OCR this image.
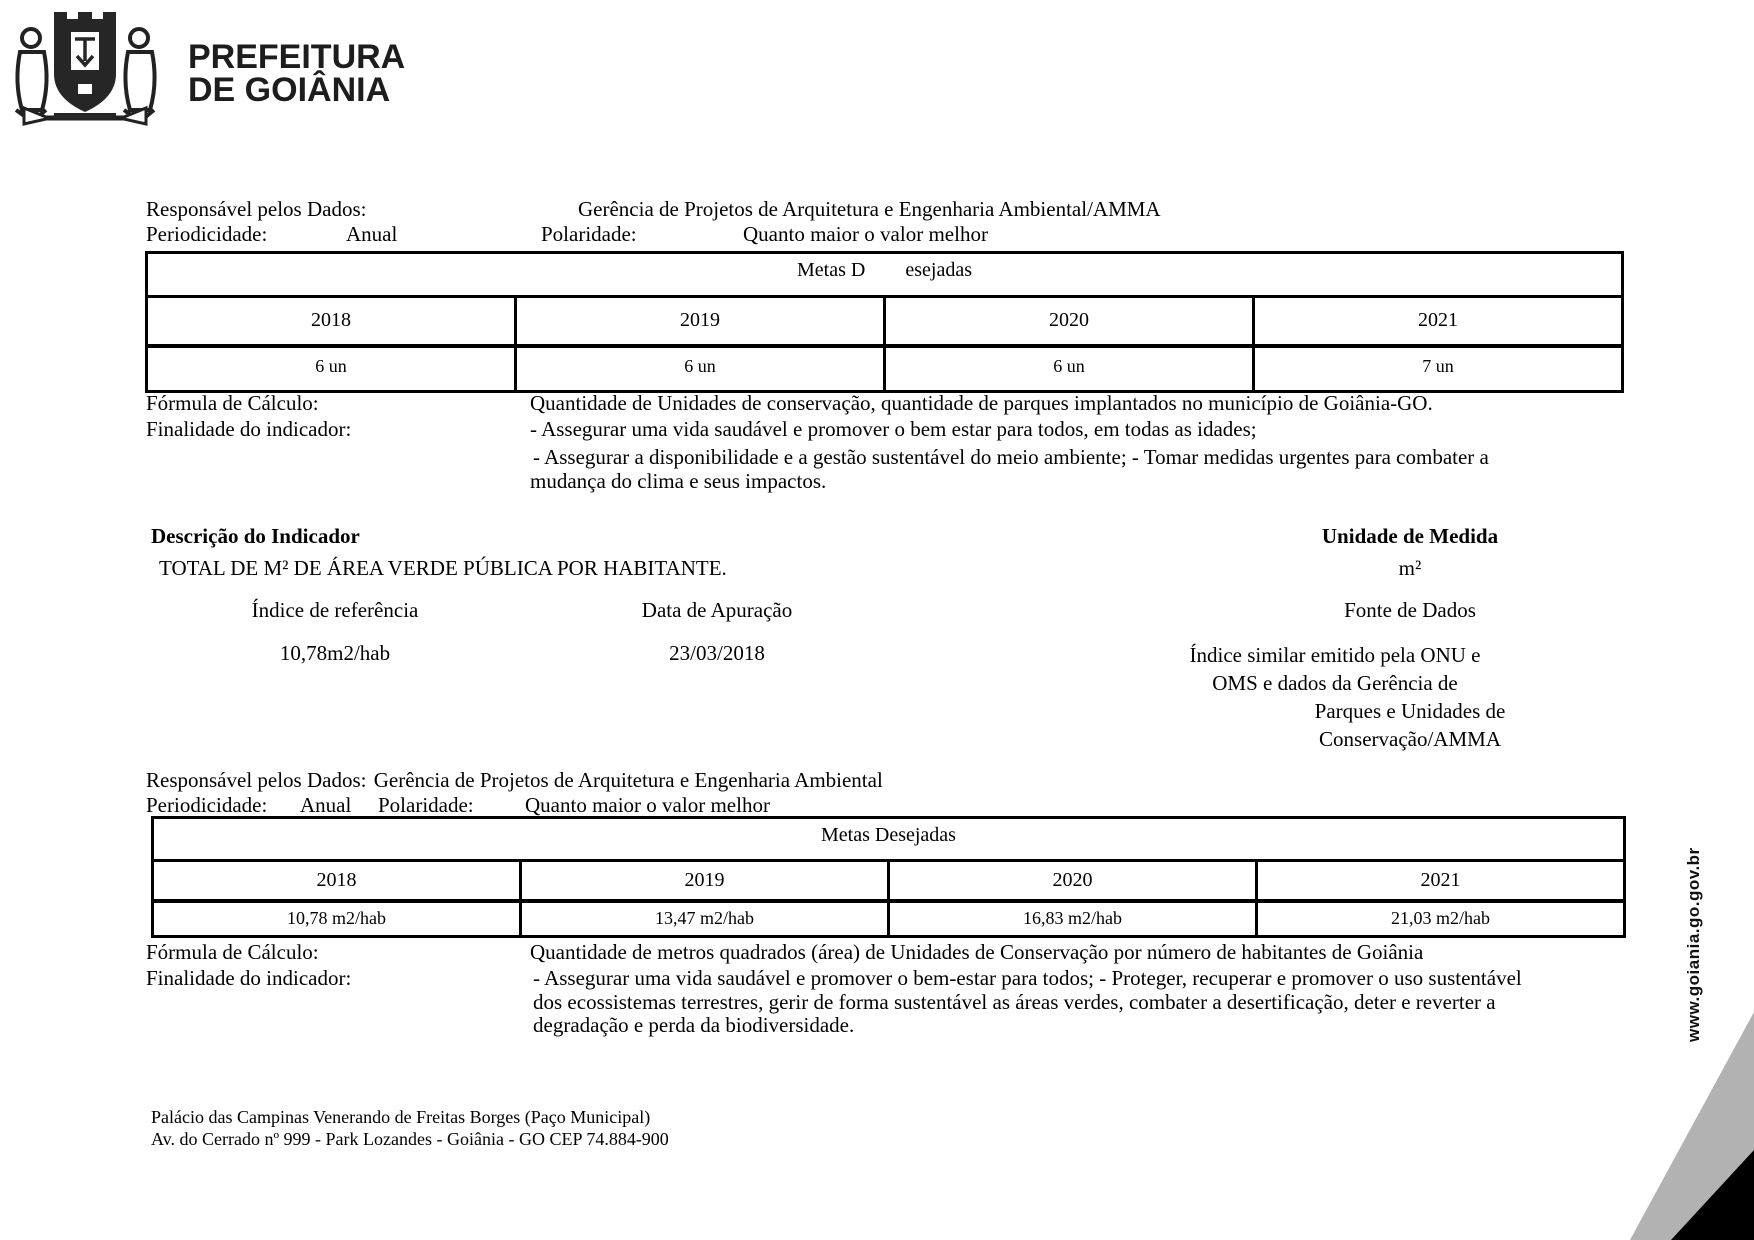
PREFEITURA
DE GOIÂNIA
Responsável pelos Dados:	Gerência de Projetos de Arquitetura e Engenharia Ambiental/AMMA
Periodicidade:	Anual	Polaridade:	Quanto maior o valor melhor
Metas D esejadas			
2018	2019	2020	2021
6 un	6 un	6 un	7 un
Fórmula de Cálculo:	Quantidade de Unidades de conservação, quantidade de parques implantados no município de Goiânia-GO.
Finalidade do indicador:	- Assegurar uma vida saudável e promover o bem estar para todos, em todas as idades;
- Assegurar a disponibilidade e a gestão sustentável do meio ambiente; - Tomar medidas urgentes para combater a
mudança do clima e seus impactos.
Descrição do Indicador	Unidade de Medida
TOTAL DE M² DE ÁREA VERDE PÚBLICA POR HABITANTE.	m²
Índice de referência	Data de Apuração	Fonte de Dados
10,78m2/hab	23/03/2018	Índice similar emitido pela ONU e
OMS e dados da Gerência de
Parques e Unidades de
Conservação/AMMA
Responsável pelos Dados: Gerência de Projetos de Arquitetura e Engenharia Ambiental
Periodicidade: Anual Polaridade: Quanto maior o valor melhor
Metas Desejadas			
2018	2019	2020	2021
10,78 m2/hab	13,47 m2/hab	16,83 m2/hab	21,03 m2/hab
Fórmula de Cálculo:	Quantidade de metros quadrados (área) de Unidades de Conservação por número de habitantes de Goiânia
Finalidade do indicador:	- Assegurar uma vida saudável e promover o bem-estar para todos; - Proteger, recuperar e promover o uso sustentável
dos ecossistemas terrestres, gerir de forma sustentável as áreas verdes, combater a desertificação, deter e reverter a
degradação e perda da biodiversidade.
Palácio das Campinas Venerando de Freitas Borges (Paço Municipal)
Av. do Cerrado nº 999 - Park Lozandes - Goiânia - GO CEP 74.884-900
www.goiania.go.gov.br
